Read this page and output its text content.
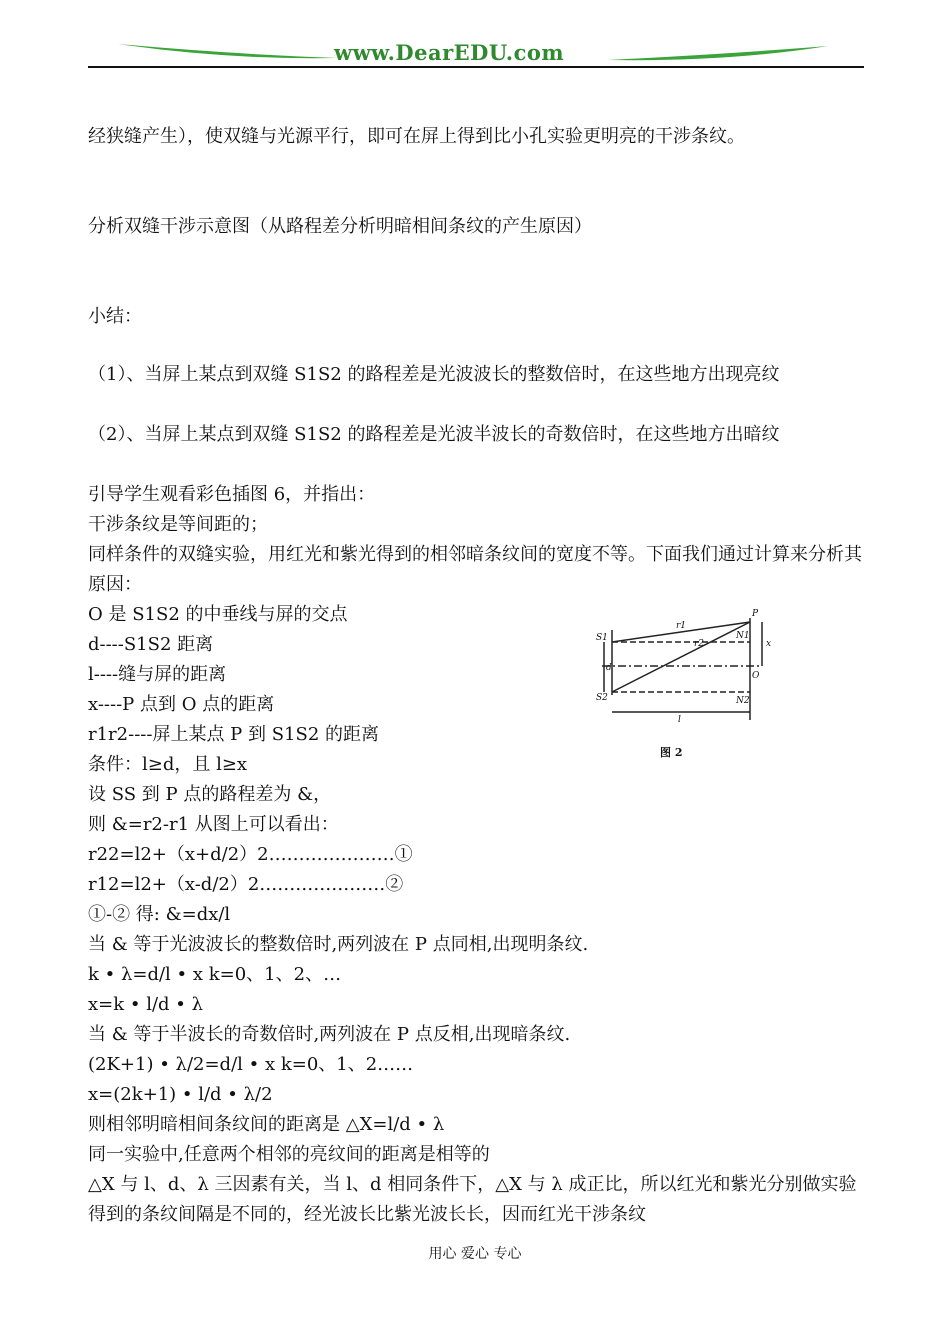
www.DearEDU.com
经狭缝产生），使双缝与光源平行，即可在屏上得到比小孔实验更明亮的干涉条纹。
分析双缝干涉示意图（从路程差分析明暗相间条纹的产生原因）
小结：
（1）、当屏上某点到双缝 S1S2 的路程差是光波波长的整数倍时，在这些地方出现亮纹
（2）、当屏上某点到双缝 S1S2 的路程差是光波半波长的奇数倍时，在这些地方出暗纹
引导学生观看彩色插图 6，并指出：
干涉条纹是等间距的；
同样条件的双缝实验，用红光和紫光得到的相邻暗条纹间的宽度不等。下面我们通过计算来分析其原因：
O 是 S1S2 的中垂线与屏的交点
d----S1S2 距离
l----缝与屏的距离
x----P 点到 O 点的距离
r1r2----屏上某点 P 到 S1S2 的距离
条件：l≥d，且 l≥x
设 SS 到 P 点的路程差为 &，
则 &=r2-r1 从图上可以看出：
r22=l2+（x+d/2）2…………………①
r12=l2+（x-d/2）2…………………②
①-② 得: &=dx/l
当 & 等于光波波长的整数倍时,两列波在 P 点同相,出现明条纹.
k • λ=d/l • x k=0、1、2、…
x=k • l/d • λ
当 & 等于半波长的奇数倍时,两列波在 P 点反相,出现暗条纹.
(2K+1) • λ/2=d/l • x k=0、1、2……
x=(2k+1) • l/d • λ/2
则相邻明暗相间条纹间的距离是 △X=l/d • λ
同一实验中,任意两个相邻的亮纹间的距离是相等的
△X 与 l、d、λ 三因素有关，当 l、d 相同条件下，△X 与 λ 成正比，所以红光和紫光分别做实验得到的条纹间隔是不同的，经光波长比紫光波长长，因而红光干涉条纹
P
S1
S2
r1
r2
N1
N2
O
d
x
l
图 2
用心 爱心 专心
